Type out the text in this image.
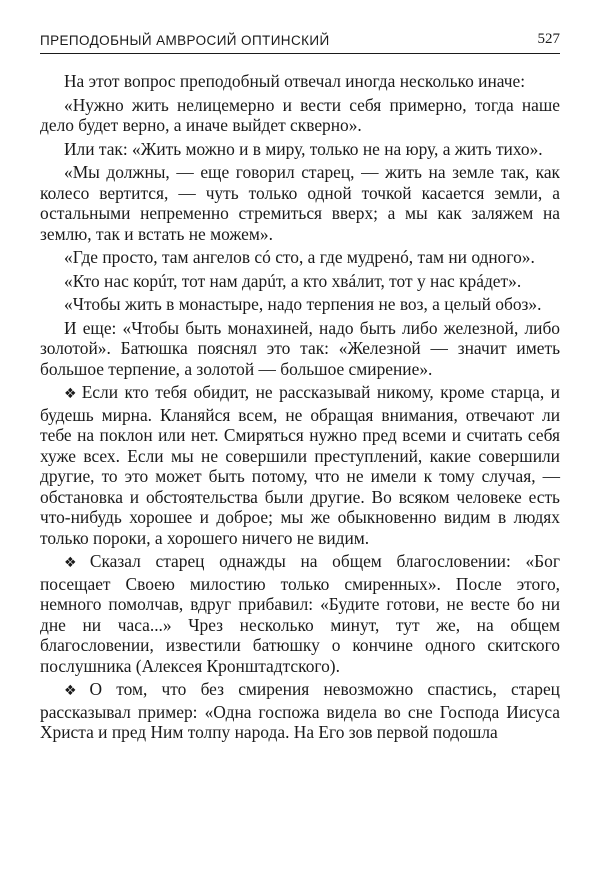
ПРЕПОДОБНЫЙ АМВРОСИЙ ОПТИНСКИЙ	527

На этот вопрос преподобный отвечал иногда несколько иначе:

«Нужно жить нелицемерно и вести себя примерно, тогда наше дело будет верно, а иначе выйдет скверно».

Или так: «Жить можно и в миру, только не на юру, а жить тихо».

«Мы должны, — еще говорил старец, — жить на земле так, как колесо вертится, — чуть только одной точкой касается земли, а остальными непременно стремиться вверх; а мы как заляжем на землю, так и встать не можем».

«Где просто, там ангелов сó сто, а где мудренó, там ни одного».

«Кто нас корúт, тот нам дарúт, а кто хвáлит, тот у нас крáдет».

«Чтобы жить в монастыре, надо терпения не воз, а целый обоз».

И еще: «Чтобы быть монахиней, надо быть либо железной, либо золотой». Батюшка пояснял это так: «Железной — значит иметь большое терпение, а золотой — большое смирение».

❖ Если кто тебя обидит, не рассказывай никому, кроме старца, и будешь мирна. Кланяйся всем, не обращая внимания, отвечают ли тебе на поклон или нет. Смиряться нужно пред всеми и считать себя хуже всех. Если мы не совершили преступлений, какие совершили другие, то это может быть потому, что не имели к тому случая, — обстановка и обстоятельства были другие. Во всяком человеке есть что-нибудь хорошее и доброе; мы же обыкновенно видим в людях только пороки, а хорошего ничего не видим.

❖ Сказал старец однажды на общем благословении: «Бог посещает Своею милостию только смиренных». После этого, немного помолчав, вдруг прибавил: «Будите готови, не весте бо ни дне ни часа...» Чрез несколько минут, тут же, на общем благословении, известили батюшку о кончине одного скитского послушника (Алексея Кронштадтского).

❖ О том, что без смирения невозможно спастись, старец рассказывал пример: «Одна госпожа видела во сне Господа Иисуса Христа и пред Ним толпу народа. На Его зов первой подошла
